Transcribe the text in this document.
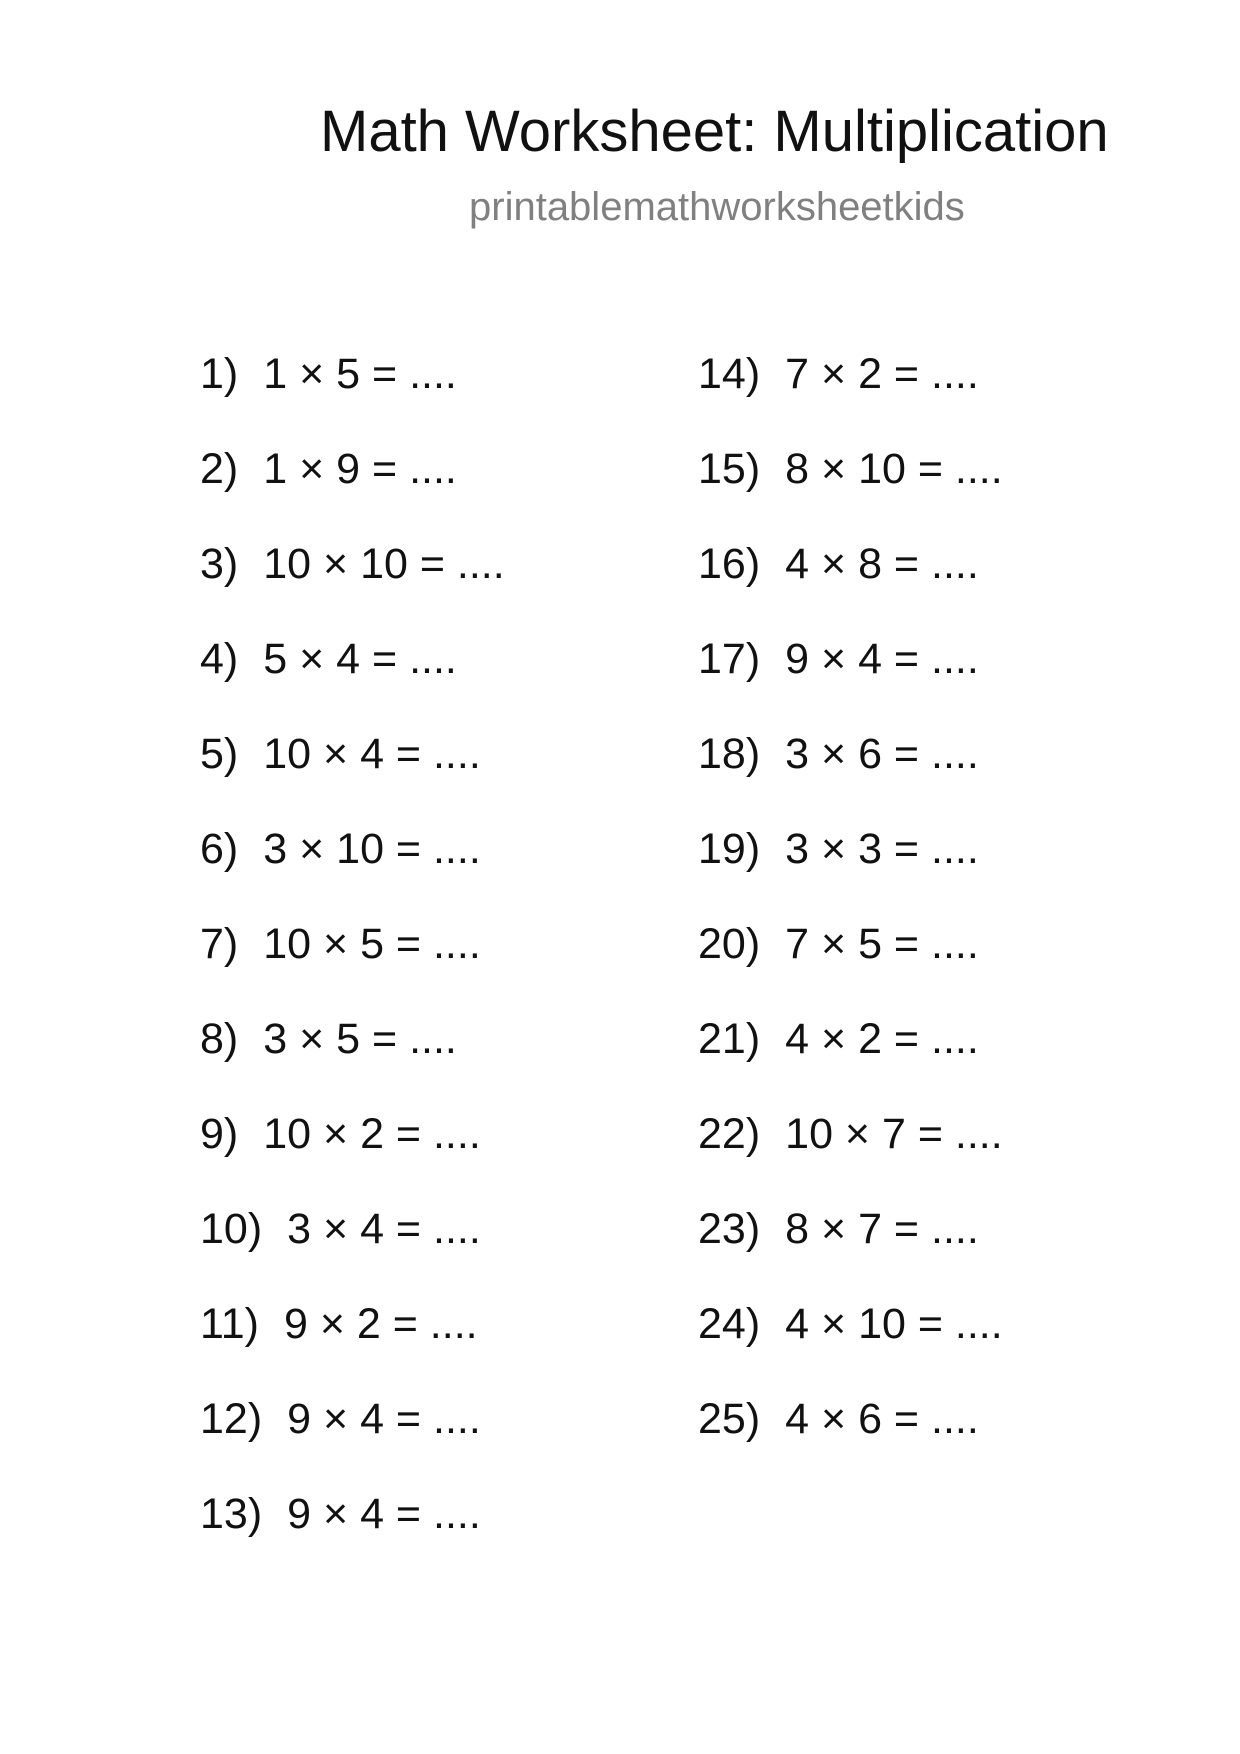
Math Worksheet: Multiplication
printablemathworksheetkids
1) 1 × 5 = ....
2) 1 × 9 = ....
3) 10 × 10 = ....
4) 5 × 4 = ....
5) 10 × 4 = ....
6) 3 × 10 = ....
7) 10 × 5 = ....
8) 3 × 5 = ....
9) 10 × 2 = ....
10) 3 × 4 = ....
11) 9 × 2 = ....
12) 9 × 4 = ....
13) 9 × 4 = ....
14) 7 × 2 = ....
15) 8 × 10 = ....
16) 4 × 8 = ....
17) 9 × 4 = ....
18) 3 × 6 = ....
19) 3 × 3 = ....
20) 7 × 5 = ....
21) 4 × 2 = ....
22) 10 × 7 = ....
23) 8 × 7 = ....
24) 4 × 10 = ....
25) 4 × 6 = ....
